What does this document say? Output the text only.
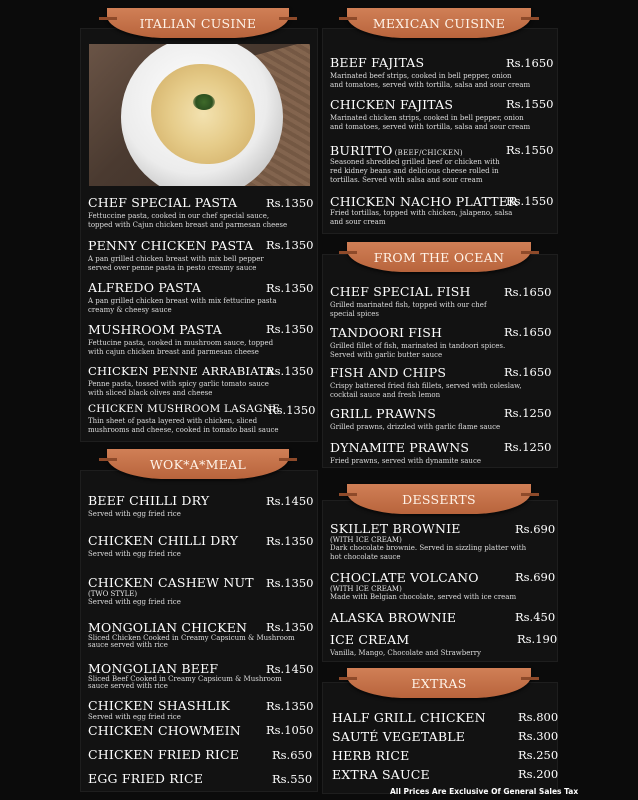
ITALIAN CUSINE
WOK*A*MEAL
MEXICAN CUISINE
FROM THE OCEAN
DESSERTS
EXTRAS
CHEF SPECIAL PASTA
Fettuccine pasta, cooked in our chef special sauce,
topped with Cajun chicken breast and parmesan cheese
Rs.1350
PENNY CHICKEN PASTA
A pan grilled chicken breast with mix bell pepper
served over penne pasta in pesto creamy sauce
Rs.1350
ALFREDO PASTA
A pan grilled chicken breast with mix fettucine pasta
creamy & cheesy sauce
Rs.1350
MUSHROOM PASTA
Fettucine pasta, cooked in mushroom sauce, topped
with cajun chicken breast and parmesan cheese
Rs.1350
CHICKEN PENNE ARRABIATA
Penne pasta, tossed with spicy garlic tomato sauce
with sliced black olives and cheese
Rs.1350
CHICKEN MUSHROOM LASAGNE
Thin sheet of pasta layered with chicken, sliced
mushrooms and cheese, cooked in tomato basil sauce
Rs.1350
BEEF CHILLI DRY
Served with egg fried rice
Rs.1450
CHICKEN CHILLI DRY
Served with egg fried rice
Rs.1350
CHICKEN CASHEW NUT
(TWO STYLE)
Served with egg fried rice
Rs.1350
MONGOLIAN CHICKEN
Sliced Chicken Cooked in Creamy Capsicum & Mushroom
sauce served with rice
Rs.1350
MONGOLIAN BEEF
Sliced Beef Cooked in Creamy Capsicum & Mushroom
sauce served with rice
Rs.1450
CHICKEN SHASHLIK
Served with egg fried rice
Rs.1350
CHICKEN CHOWMEIN Rs.1050
CHICKEN FRIED RICE	Rs.650
EGG FRIED RICE	Rs.550
BEEF FAJITAS
Marinated beef strips, cooked in bell pepper, onion
and tomatoes, served with tortilla, salsa and sour cream
Rs.1650
CHICKEN FAJITAS
Marinated chicken strips, cooked in bell pepper, onion
and tomatoes, served with tortilla, salsa and sour cream
Rs.1550
BURITTO (BEEF/CHICKEN)
Seasoned shredded grilled beef or chicken with
red kidney beans and delicious cheese rolled in
tortillas. Served with salsa and sour cream
Rs.1550
CHICKEN NACHO PLATTER
Fried tortillas, topped with chicken, jalapeno, salsa
and sour cream
Rs.1550
CHEF SPECIAL FISH
Grilled marinated fish, topped with our chef
special spices
Rs.1650
TANDOORI FISH
Grilled fillet of fish, marinated in tandoori spices.
Served with garlic butter sauce
Rs.1650
FISH AND CHIPS
Crispy battered fried fish fillets, served with coleslaw,
cocktail sauce and fresh lemon
Rs.1650
GRILL PRAWNS
Grilled prawns, drizzled with garlic flame sauce
Rs.1250
DYNAMITE PRAWNS
Fried prawns, served with dynamite sauce
Rs.1250
SKILLET BROWNIE
(WITH ICE CREAM)
Dark chocolate brownie. Served in sizzling platter with
hot chocolate sauce
Rs.690
CHOCLATE VOLCANO
(WITH ICE CREAM)
Made with Belgian chocolate, served with ice cream
Rs.690
ALASKA BROWNIE	Rs.450
ICE CREAM
Vanilla, Mango, Chocolate and Strawberry
Rs.190
HALF GRILL CHICKEN	Rs.800
SAUTÉ VEGETABLE	Rs.300
HERB RICE	Rs.250
EXTRA SAUCE	Rs.200
All Prices Are Exclusive Of General Sales Tax
